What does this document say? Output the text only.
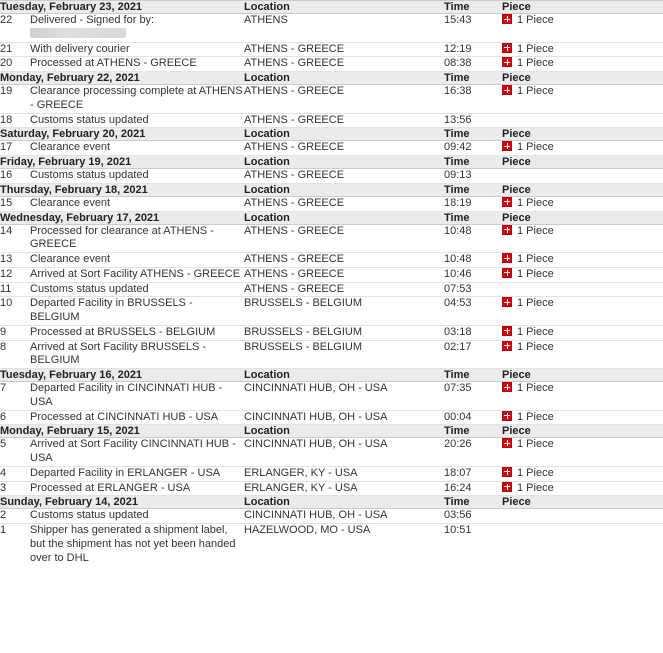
Tuesday, February 23, 2021		Location	Time	Piece
22	Delivered - Signed for by:	ATHENS	15:43	1 Piece
21	With delivery courier	ATHENS - GREECE	12:19	1 Piece
20	Processed at ATHENS - GREECE	ATHENS - GREECE	08:38	1 Piece
Monday, February 22, 2021		Location	Time	Piece
19	Clearance processing complete at ATHENS - GREECE	ATHENS - GREECE	16:38	1 Piece
18	Customs status updated	ATHENS - GREECE	13:56	
Saturday, February 20, 2021		Location	Time	Piece
17	Clearance event	ATHENS - GREECE	09:42	1 Piece
Friday, February 19, 2021		Location	Time	Piece
16	Customs status updated	ATHENS - GREECE	09:13	
Thursday, February 18, 2021		Location	Time	Piece
15	Clearance event	ATHENS - GREECE	18:19	1 Piece
Wednesday, February 17, 2021		Location	Time	Piece
14	Processed for clearance at ATHENS - GREECE	ATHENS - GREECE	10:48	1 Piece
13	Clearance event	ATHENS - GREECE	10:48	1 Piece
12	Arrived at Sort Facility ATHENS - GREECE	ATHENS - GREECE	10:46	1 Piece
11	Customs status updated	ATHENS - GREECE	07:53	
10	Departed Facility in BRUSSELS - BELGIUM	BRUSSELS - BELGIUM	04:53	1 Piece
9	Processed at BRUSSELS - BELGIUM	BRUSSELS - BELGIUM	03:18	1 Piece
8	Arrived at Sort Facility BRUSSELS - BELGIUM	BRUSSELS - BELGIUM	02:17	1 Piece
Tuesday, February 16, 2021		Location	Time	Piece
7	Departed Facility in CINCINNATI HUB - USA	CINCINNATI HUB, OH - USA	07:35	1 Piece
6	Processed at CINCINNATI HUB - USA	CINCINNATI HUB, OH - USA	00:04	1 Piece
Monday, February 15, 2021		Location	Time	Piece
5	Arrived at Sort Facility CINCINNATI HUB - USA	CINCINNATI HUB, OH - USA	20:26	1 Piece
4	Departed Facility in ERLANGER - USA	ERLANGER, KY - USA	18:07	1 Piece
3	Processed at ERLANGER - USA	ERLANGER, KY - USA	16:24	1 Piece
Sunday, February 14, 2021		Location	Time	Piece
2	Customs status updated	CINCINNATI HUB, OH - USA	03:56	
1	Shipper has generated a shipment label, but the shipment has not yet been handed over to DHL	HAZELWOOD, MO - USA	10:51	
